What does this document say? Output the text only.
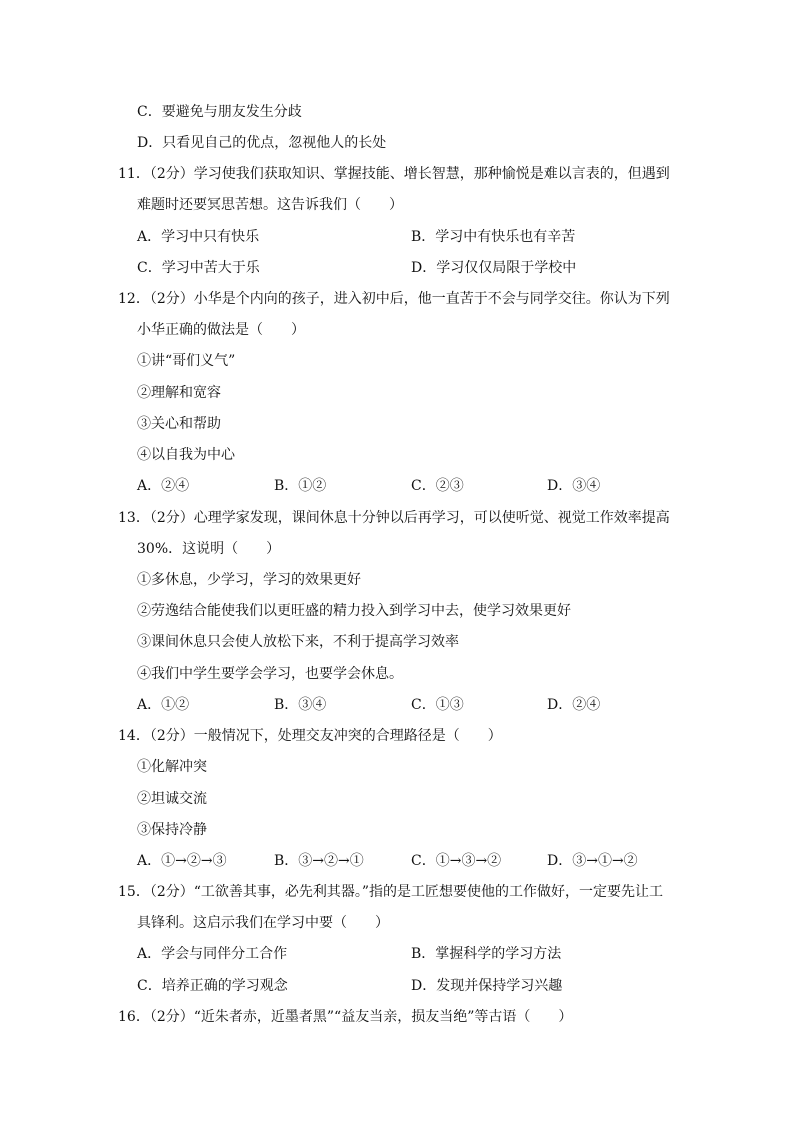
C．要避免与朋友发生分歧
D．只看见自己的优点，忽视他人的长处
11．（2分）学习使我们获取知识、掌握技能、增长智慧，那种愉悦是难以言表的，但遇到
难题时还要冥思苦想。这告诉我们（　　）
A．学习中只有快乐	B．学习中有快乐也有辛苦
C．学习中苦大于乐	D．学习仅仅局限于学校中
12．（2分）小华是个内向的孩子，进入初中后，他一直苦于不会与同学交往。你认为下列
小华正确的做法是（　　）
①讲“哥们义气”
②理解和宽容
③关心和帮助
④以自我为中心
A．②④	B．①②	C．②③	D．③④
13．（2分）心理学家发现，课间休息十分钟以后再学习，可以使听觉、视觉工作效率提高
30%．这说明（　　）
①多休息，少学习，学习的效果更好
②劳逸结合能使我们以更旺盛的精力投入到学习中去，使学习效果更好
③课间休息只会使人放松下来，不利于提高学习效率
④我们中学生要学会学习，也要学会休息。
A．①②	B．③④	C．①③	D．②④
14．（2分）一般情况下，处理交友冲突的合理路径是（　　）
①化解冲突
②坦诚交流
③保持冷静
A．①→②→③	B．③→②→①	C．①→③→②	D．③→①→②
15．（2分）“工欲善其事，必先利其器。”指的是工匠想要使他的工作做好，一定要先让工
具锋利。这启示我们在学习中要（　　）
A．学会与同伴分工合作	B．掌握科学的学习方法
C．培养正确的学习观念	D．发现并保持学习兴趣
16．（2分）“近朱者赤，近墨者黑”“益友当亲，损友当绝”等古语（　　）
